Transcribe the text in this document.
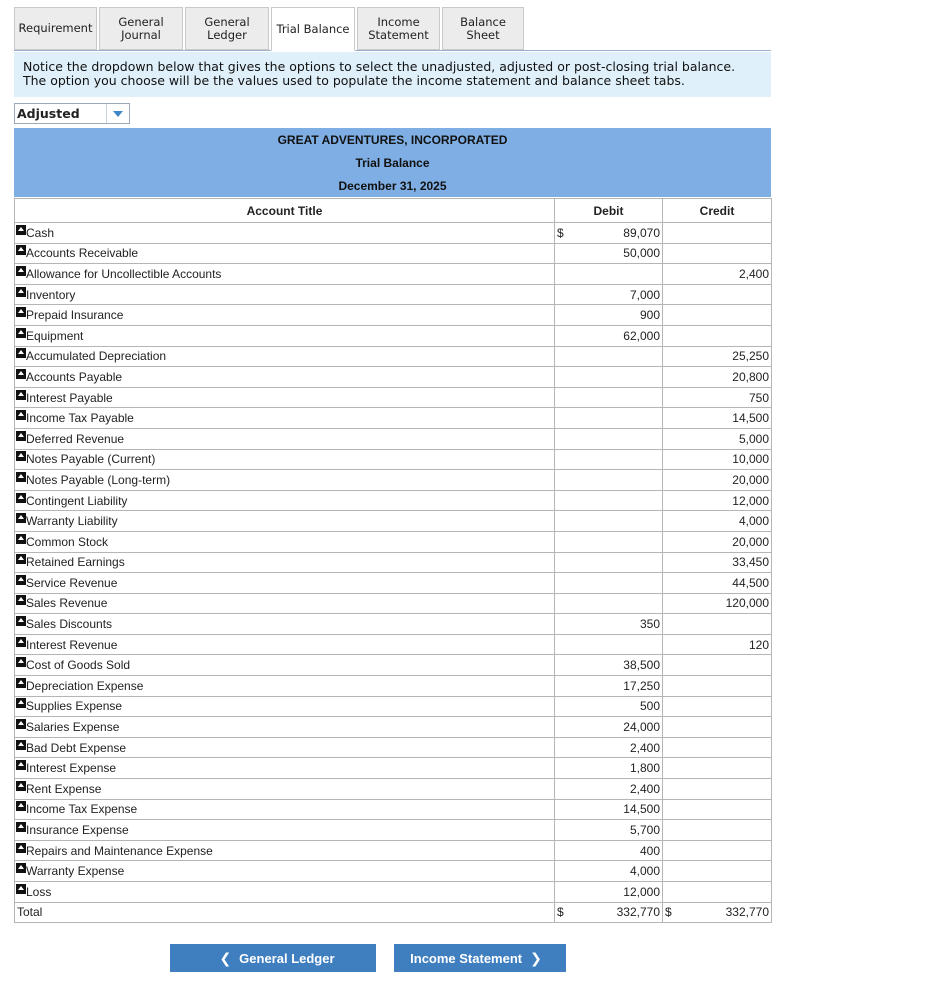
Requirement	General
Journal
General
Ledger	Trial Balance	Income
Statement
Balance
Sheet
Notice the dropdown below that gives the options to select the unadjusted, adjusted or post-closing trial balance.
The option you choose will be the values used to populate the income statement and balance sheet tabs.
Adjusted
GREAT ADVENTURES, INCORPORATED
Trial Balance
December 31, 2025
Account Title	Debit		Credit	
Cash	$	89,070		
Accounts Receivable		50,000		
Allowance for Uncollectible Accounts			2,400	
Inventory		7,000		
Prepaid Insurance		900		
Equipment		62,000		
Accumulated Depreciation			25,250	
Accounts Payable			20,800	
Interest Payable			750	
Income Tax Payable			14,500	
Deferred Revenue			5,000	
Notes Payable (Current)			10,000	
Notes Payable (Long-term)			20,000	
Contingent Liability			12,000	
Warranty Liability			4,000	
Common Stock			20,000	
Retained Earnings			33,450	
Service Revenue			44,500	
Sales Revenue			120,000	
Sales Discounts		350		
Interest Revenue			120	
Cost of Goods Sold		38,500		
Depreciation Expense		17,250		
Supplies Expense		500		
Salaries Expense		24,000		
Bad Debt Expense		2,400		
Interest Expense		1,800		
Rent Expense		2,400		
Income Tax Expense		14,500		
Insurance Expense		5,700		
Repairs and Maintenance Expense		400		
Warranty Expense		4,000		
Loss		12,000		
Total	$	332,770	$	332,770
❮ General Ledger	Income Statement ❯
